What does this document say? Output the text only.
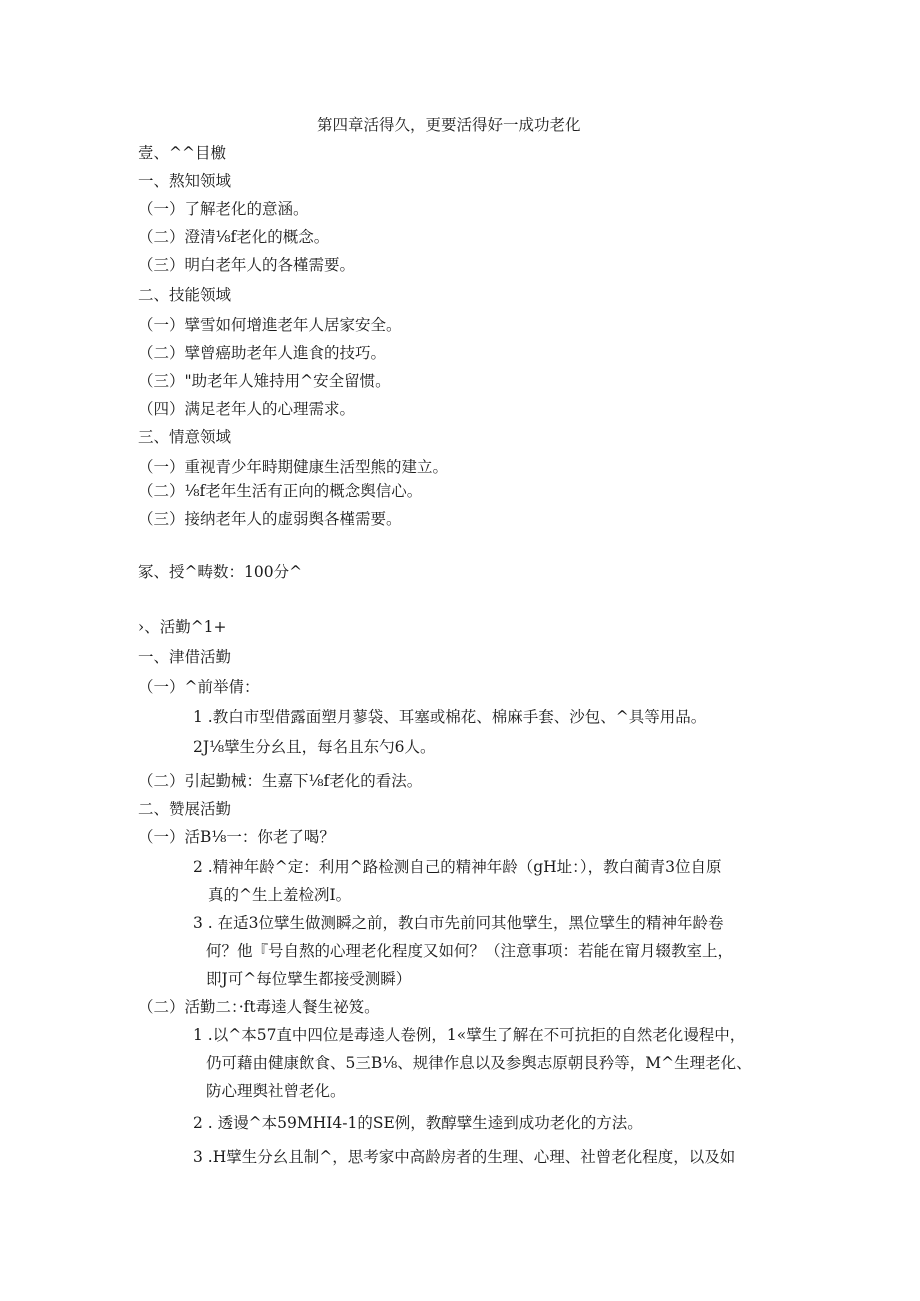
第四章活得久，更要活得好一成功老化
壹、^^目檄
一、熬知领域
（一）了解老化的意涵。
（二）澄清⅛f老化的概念。
（三）明白老年人的各槿需要。
二、技能领域
（一）擘雪如何增進老年人居家安全。
（二）擘曾癌助老年人進食的技巧。
（三）"助老年人雉持用^安全留惯。
（四）满足老年人的心理需求。
三、情意领域
（一）重视青少年畤期健康生活型熊的建立。
（二）⅛f老年生活有正向的概念舆信心。
（三）接纳老年人的虚弱舆各槿需要。
冢、授^畴数：100分^
›、活勤^1+
一、津借活勤
（一）^前举倩：
1 .教白市型借露面塑月蓼袋、耳塞或棉花、棉麻手套、沙包、^具等用品。
2J⅛擘生分幺且，每名且东勺6人。
（二）引起勤械：生嘉下⅛f老化的看法。
二、赞展活勤
（一）活B⅛一：你老了喝？
2 .精神年龄^定：利用^路检测自己的精神年龄（gH址：），教白蔺青3位自原
真的^生上羞检冽I。
3 . 在适3位擘生做测瞬之前，教白市先前冋其他擘生，黑位擘生的精神年龄卷
何？他『号自熬的心理老化程度又如何？（注意事项：若能在甯月辍教室上，
即J可^每位擘生都接受测瞬）
（二）活勤二：·ft毒逵人餐生祕笈。
1 .以^本57直中四位是毒逵人卷例，1«擘生了解在不可抗拒的自然老化谩程中，
仍可藉由健康飲食、5三B⅛、规律作息以及参舆志原朝艮矜等，M^生理老化、
防心理舆社曾老化。
2 . 透谩^本59MHI4-1的SE例，教醇擘生逵到成功老化的方法。
3 .H擘生分幺且制^，思考家中高龄房者的生理、心理、社曾老化程度，以及如
